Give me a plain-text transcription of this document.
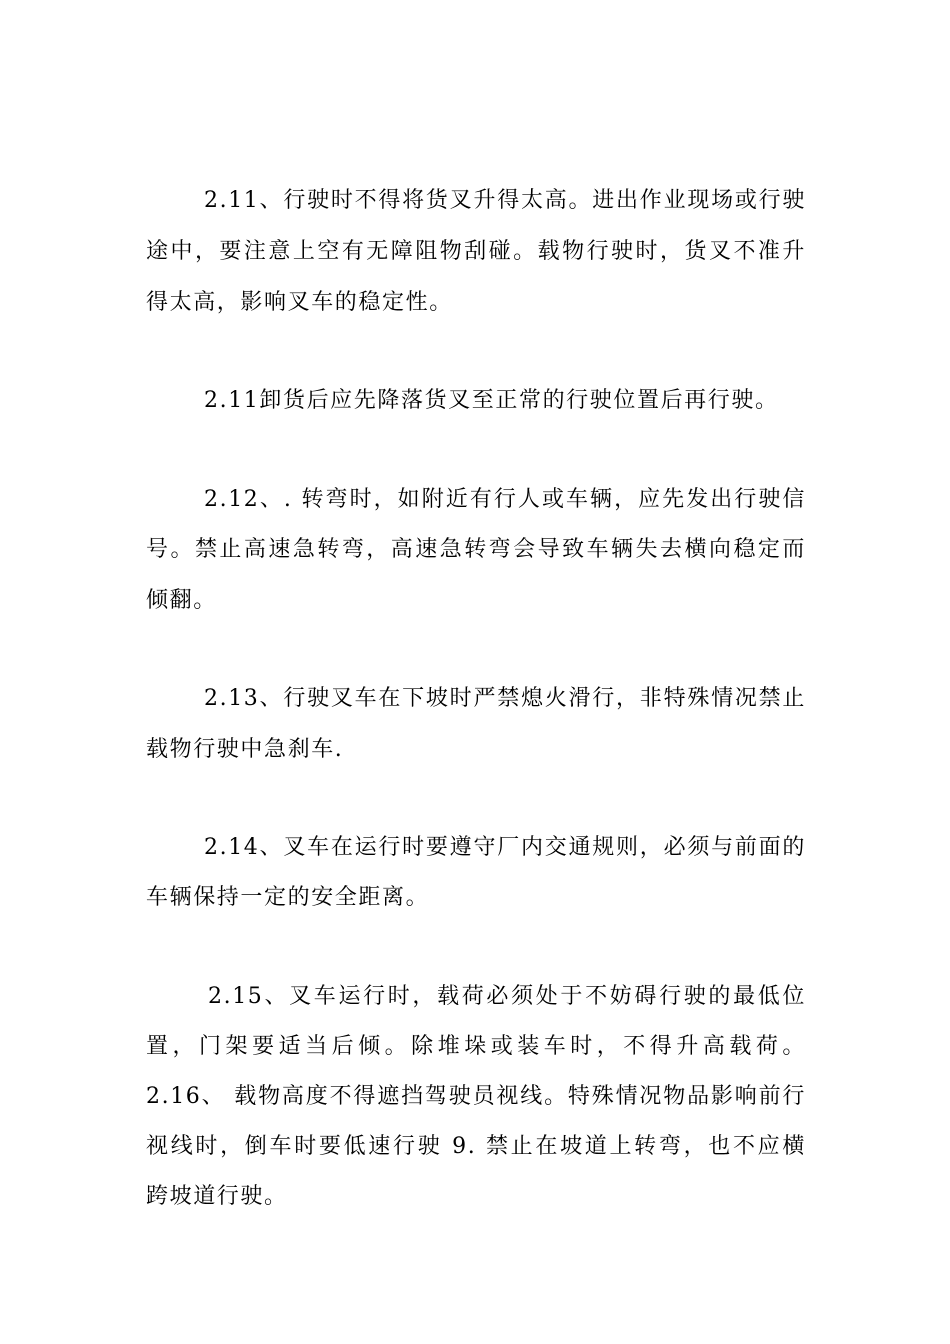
2.11、行驶时不得将货叉升得太高。进出作业现场或行驶
途中，要注意上空有无障阻物刮碰。载物行驶时，货叉不准升
得太高，影响叉车的稳定性。
2.11卸货后应先降落货叉至正常的行驶位置后再行驶。
2.12、. 转弯时，如附近有行人或车辆，应先发出行驶信
号。禁止高速急转弯，高速急转弯会导致车辆失去横向稳定而
倾翻。
2.13、行驶叉车在下坡时严禁熄火滑行，非特殊情况禁止
载物行驶中急刹车.
2.14、叉车在运行时要遵守厂内交通规则，必须与前面的
车辆保持一定的安全距离。
2.15、叉车运行时，载荷必须处于不妨碍行驶的最低位
置，门架要适当后倾。除堆垛或装车时，不得升高载荷。
2.16、 载物高度不得遮挡驾驶员视线。特殊情况物品影响前行
视线时，倒车时要低速行驶 9. 禁止在坡道上转弯，也不应横
跨坡道行驶。
